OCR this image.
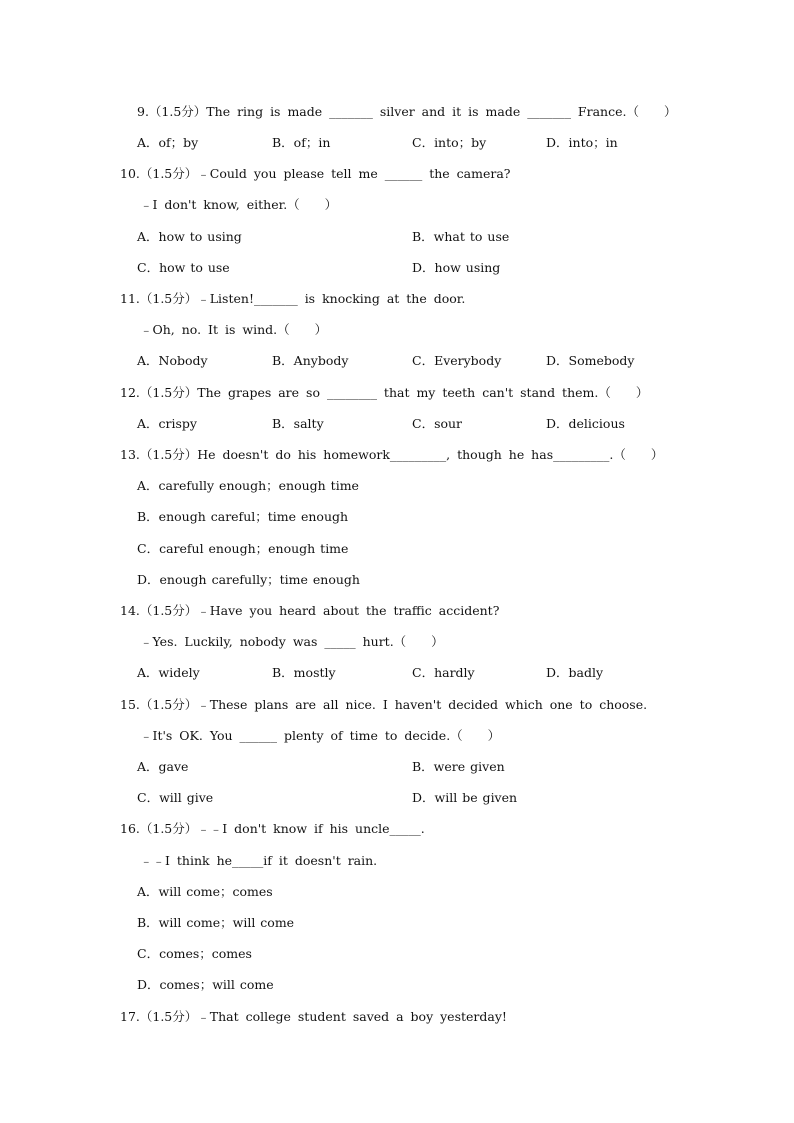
9.（1.5分）The ring is made _______ silver and it is made _______ France.（　　）
A．of；by	B．of；in	C．into；by	D．into；in
10.（1.5分）﹣Could you please tell me ______ the camera?
﹣I don't know, either.（　　）
A．how to using	B．what to use
C．how to use	D．how using
11.（1.5分）﹣Listen!_______ is knocking at the door.
﹣Oh, no. It is wind.（　　）
A．Nobody	B．Anybody	C．Everybody	D．Somebody
12.（1.5分）The grapes are so ________ that my teeth can't stand them.（　　）
A．crispy	B．salty	C．sour	D．delicious
13.（1.5分）He doesn't do his homework_________, though he has_________.（　　）
A．carefully enough；enough time
B．enough careful；time enough
C．careful enough；enough time
D．enough carefully；time enough
14.（1.5分）﹣Have you heard about the traffic accident?
﹣Yes. Luckily, nobody was _____ hurt.（　　）
A．widely	B．mostly	C．hardly	D．badly
15.（1.5分）﹣These plans are all nice. I haven't decided which one to choose.
﹣It's OK. You ______ plenty of time to decide.（　　）
A．gave	B．were given
C．will give	D．will be given
16.（1.5分）﹣﹣I don't know if his uncle_____.
﹣﹣I think he_____if it doesn't rain.
A．will come；comes
B．will come；will come
C．comes；comes
D．comes；will come
17.（1.5分）﹣That college student saved a boy yesterday!
